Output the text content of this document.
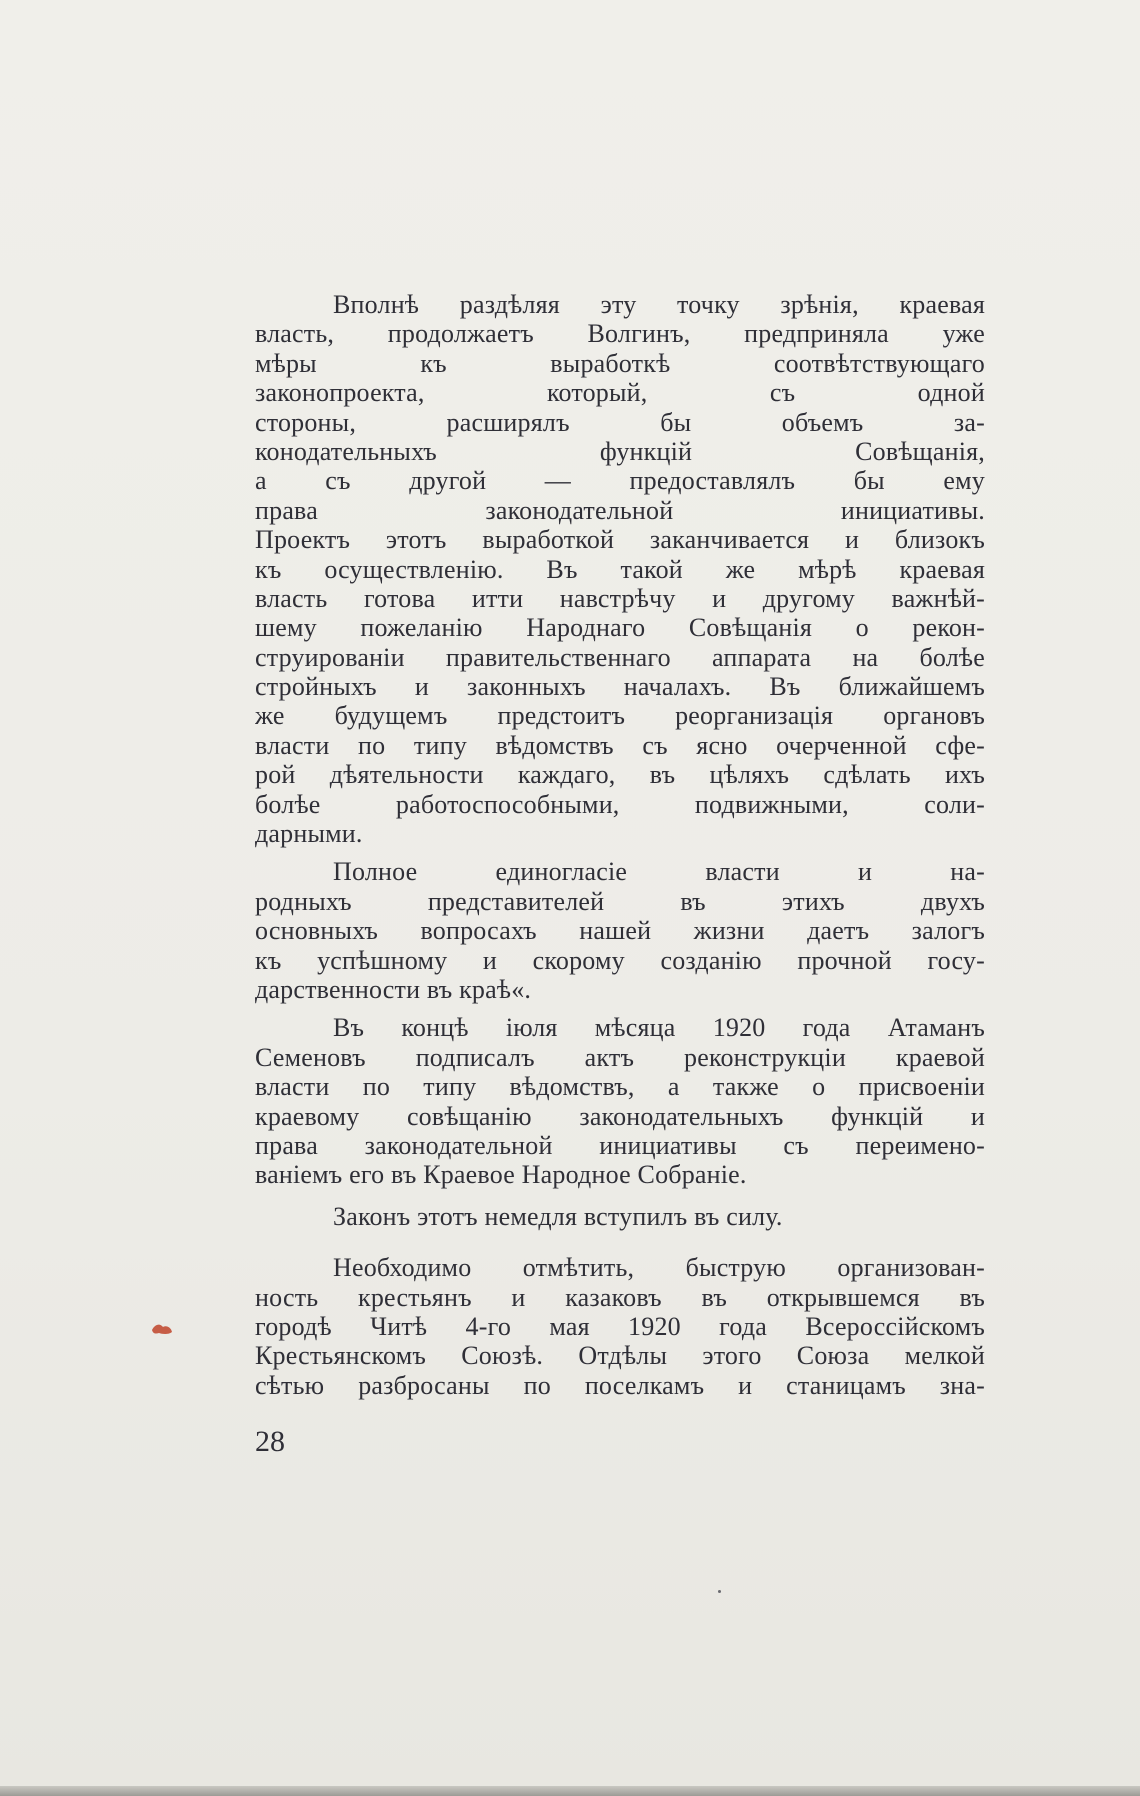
Вполнѣ раздѣляя эту точку зрѣнія, краевая
власть, продолжаетъ Волгинъ, предприняла уже
мѣры къ выработкѣ соотвѣтствующаго
законопроекта, который, съ одной
стороны, расширялъ бы объемъ за-
конодательныхъ функцій Совѣщанія,
а съ другой — предоставлялъ бы ему
права законодательной инициативы.
Проектъ этотъ выработкой заканчивается и близокъ
къ осуществленію. Въ такой же мѣрѣ краевая
власть готова итти навстрѣчу и другому важнѣй-
шему пожеланію Народнаго Совѣщанія о рекон-
струированіи правительственнаго аппарата на болѣе
стройныхъ и законныхъ началахъ. Въ ближайшемъ
же будущемъ предстоитъ реорганизація органовъ
власти по типу вѣдомствъ съ ясно очерченной сфе-
рой дѣятельности каждаго, въ цѣляхъ сдѣлать ихъ
болѣе работоспособными, подвижными, соли-
дарными.
Полное единогласіе власти и на-
родныхъ представителей въ этихъ двухъ
основныхъ вопросахъ нашей жизни даетъ залогъ
къ успѣшному и скорому созданію прочной госу-
дарственности въ краѣ«.
Въ концѣ іюля мѣсяца 1920 года Атаманъ
Семеновъ подписалъ актъ реконструкціи краевой
власти по типу вѣдомствъ, а также о присвоеніи
краевому совѣщанію законодательныхъ функцій и
права законодательной инициативы съ переимено-
ваніемъ его въ Краевое Народное Собраніе.
Законъ этотъ немедля вступилъ въ силу.
Необходимо отмѣтить, быструю организован-
ность крестьянъ и казаковъ въ открывшемся въ
городѣ Читѣ 4-го мая 1920 года Всероссійскомъ
Крестьянскомъ Союзѣ. Отдѣлы этого Союза мелкой
сѣтью разбросаны по поселкамъ и станицамъ зна-
28
